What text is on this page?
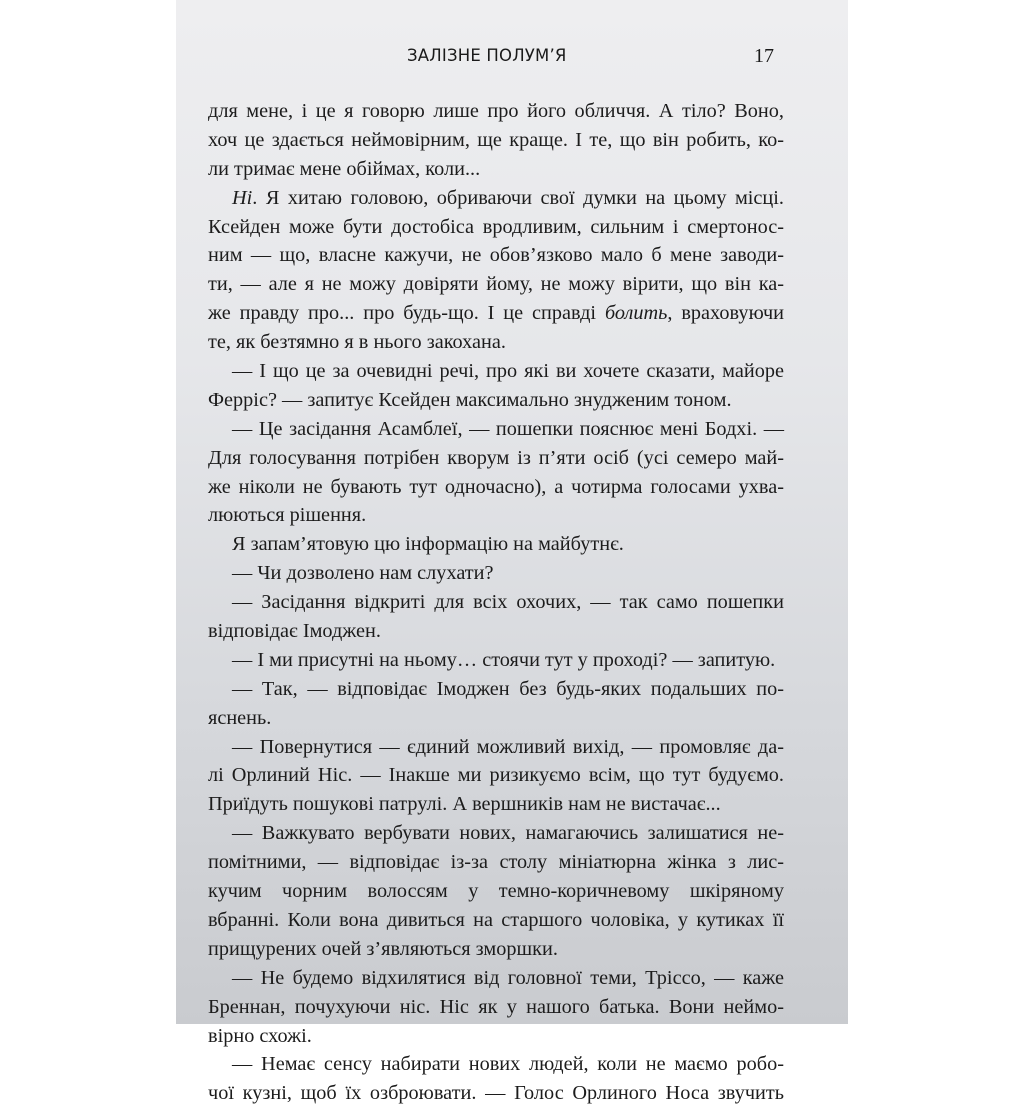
ЗАЛІЗНЕ ПОЛУМ’Я	17
для мене, і це я говорю лише про його обличчя. А тіло? Воно,
хоч це здається неймовірним, ще краще. І те, що він робить, ко-
ли тримає мене обіймах, коли...
Ні. Я хитаю головою, обриваючи свої думки на цьому місці.
Ксейден може бути достобіса вродливим, сильним і смертонос-
ним — що, власне кажучи, не обов’язково мало б мене заводи-
ти, — але я не можу довіряти йому, не можу вірити, що він ка-
же правду про... про будь-що. І це справді болить, враховуючи
те, як безтямно я в нього закохана.
— І що це за очевидні речі, про які ви хочете сказати, майоре
Ферріс? — запитує Ксейден максимально знудженим тоном.
— Це засідання Асамблеї, — пошепки пояснює мені Бодхі. —
Для голосування потрібен кворум із п’яти осіб (усі семеро май-
же ніколи не бувають тут одночасно), а чотирма голосами ухва-
люються рішення.
Я запам’ятовую цю інформацію на майбутнє.
— Чи дозволено нам слухати?
— Засідання відкриті для всіх охочих, — так само пошепки
відповідає Імоджен.
— І ми присутні на ньому… стоячи тут у проході? — запитую.
— Так, — відповідає Імоджен без будь-яких подальших по-
яснень.
— Повернутися — єдиний можливий вихід, — промовляє да-
лі Орлиний Ніс. — Інакше ми ризикуємо всім, що тут будуємо.
Приїдуть пошукові патрулі. А вершників нам не вистачає...
— Важкувато вербувати нових, намагаючись залишатися не-
помітними, — відповідає із-за столу мініатюрна жінка з лис-
кучим чорним волоссям у темно-коричневому шкіряному
вбранні. Коли вона дивиться на старшого чоловіка, у кутиках її
прищурених очей з’являються зморшки.
— Не будемо відхилятися від головної теми, Тріссо, — каже
Бреннан, почухуючи ніс. Ніс як у нашого батька. Вони неймо-
вірно схожі.
— Немає сенсу набирати нових людей, коли не маємо робо-
чої кузні, щоб їх озброювати. — Голос Орлиного Носа звучить
